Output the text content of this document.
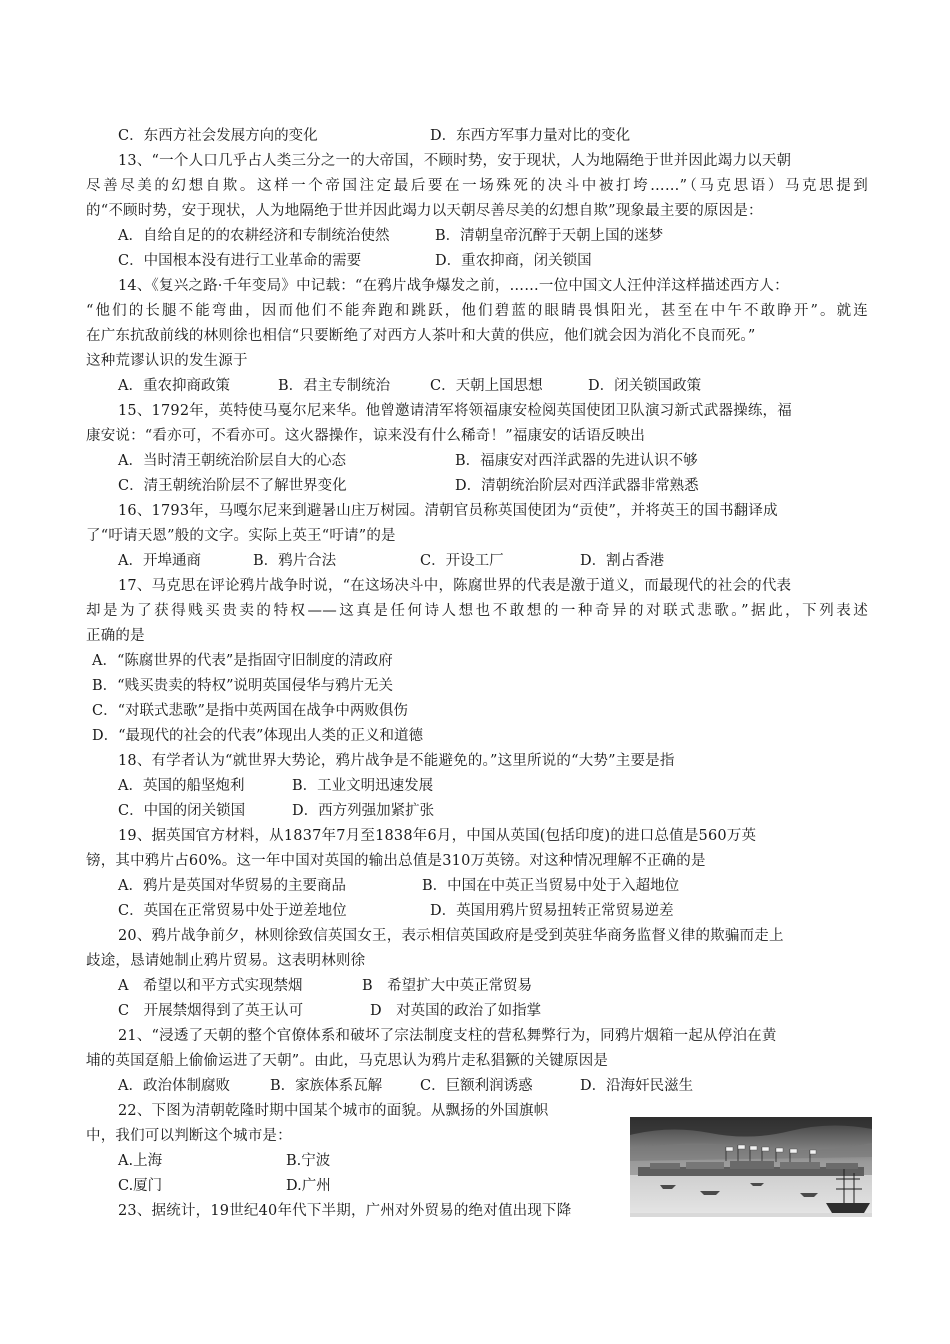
C．东西方社会发展方向的变化	D．东西方军事力量对比的变化
13、“一个人口几乎占人类三分之一的大帝国，不顾时势，安于现状，人为地隔绝于世并因此竭力以天朝
尽善尽美的幻想自欺。这样一个帝国注定最后要在一场殊死的决斗中被打垮……”（马克思语）马克思提到
的“不顾时势，安于现状，人为地隔绝于世并因此竭力以天朝尽善尽美的幻想自欺”现象最主要的原因是：
A．自给自足的的农耕经济和专制统治使然	B．清朝皇帝沉醉于天朝上国的迷梦
C．中国根本没有进行工业革命的需要	D．重农抑商，闭关锁国
14、《复兴之路·千年变局》中记载：“在鸦片战争爆发之前，……一位中国文人汪仲洋这样描述西方人：
“他们的长腿不能弯曲，因而他们不能奔跑和跳跃，他们碧蓝的眼睛畏惧阳光，甚至在中午不敢睁开”。就连
在广东抗敌前线的林则徐也相信“只要断绝了对西方人茶叶和大黄的供应，他们就会因为消化不良而死。”
这种荒谬认识的发生源于
A．重农抑商政策	B．君主专制统治	C．天朝上国思想	D．闭关锁国政策
15、1792年，英特使马戛尔尼来华。他曾邀请清军将领福康安检阅英国使团卫队演习新式武器操练，福
康安说：“看亦可，不看亦可。这火器操作，谅来没有什么稀奇！”福康安的话语反映出
A．当时清王朝统治阶层自大的心态	B．福康安对西洋武器的先进认识不够
C．清王朝统治阶层不了解世界变化	D．清朝统治阶层对西洋武器非常熟悉
16、1793年，马嘎尔尼来到避暑山庄万树园。清朝官员称英国使团为“贡使”，并将英王的国书翻译成
了“吁请天恩”般的文字。实际上英王“吁请”的是
A．开埠通商	B．鸦片合法	C．开设工厂	D．割占香港
17、马克思在评论鸦片战争时说，“在这场决斗中，陈腐世界的代表是激于道义，而最现代的社会的代表
却是为了获得贱买贵卖的特权——这真是任何诗人想也不敢想的一种奇异的对联式悲歌。”据此，下列表述
正确的是
A．“陈腐世界的代表”是指固守旧制度的清政府
B．“贱买贵卖的特权”说明英国侵华与鸦片无关
C．“对联式悲歌”是指中英两国在战争中两败俱伤
D．“最现代的社会的代表”体现出人类的正义和道德
18、有学者认为“就世界大势论，鸦片战争是不能避免的。”这里所说的“大势”主要是指
A．英国的船坚炮利	B．工业文明迅速发展
C．中国的闭关锁国	D．西方列强加紧扩张
19、据英国官方材料，从1837年7月至1838年6月，中国从英国(包括印度)的进口总值是560万英
镑，其中鸦片占60%。这一年中国对英国的输出总值是310万英镑。对这种情况理解不正确的是
A．鸦片是英国对华贸易的主要商品	B．中国在中英正当贸易中处于入超地位
C．英国在正常贸易中处于逆差地位	D．英国用鸦片贸易扭转正常贸易逆差
20、鸦片战争前夕，林则徐致信英国女王，表示相信英国政府是受到英驻华商务监督义律的欺骗而走上
歧途，恳请她制止鸦片贸易。这表明林则徐
A　希望以和平方式实现禁烟	B　希望扩大中英正常贸易
C　开展禁烟得到了英王认可	D　对英国的政治了如指掌
21、“浸透了天朝的整个官僚体系和破坏了宗法制度支柱的营私舞弊行为，同鸦片烟箱一起从停泊在黄
埔的英国趸船上偷偷运进了天朝”。由此，马克思认为鸦片走私猖獗的关键原因是
A．政治体制腐败	B．家族体系瓦解	C．巨额利润诱惑	D．沿海奸民滋生
22、下图为清朝乾隆时期中国某个城市的面貌。从飘扬的外国旗帜
中，我们可以判断这个城市是：
A.上海	B.宁波
C.厦门	D.广州
23、据统计，19世纪40年代下半期，广州对外贸易的绝对值出现下降
